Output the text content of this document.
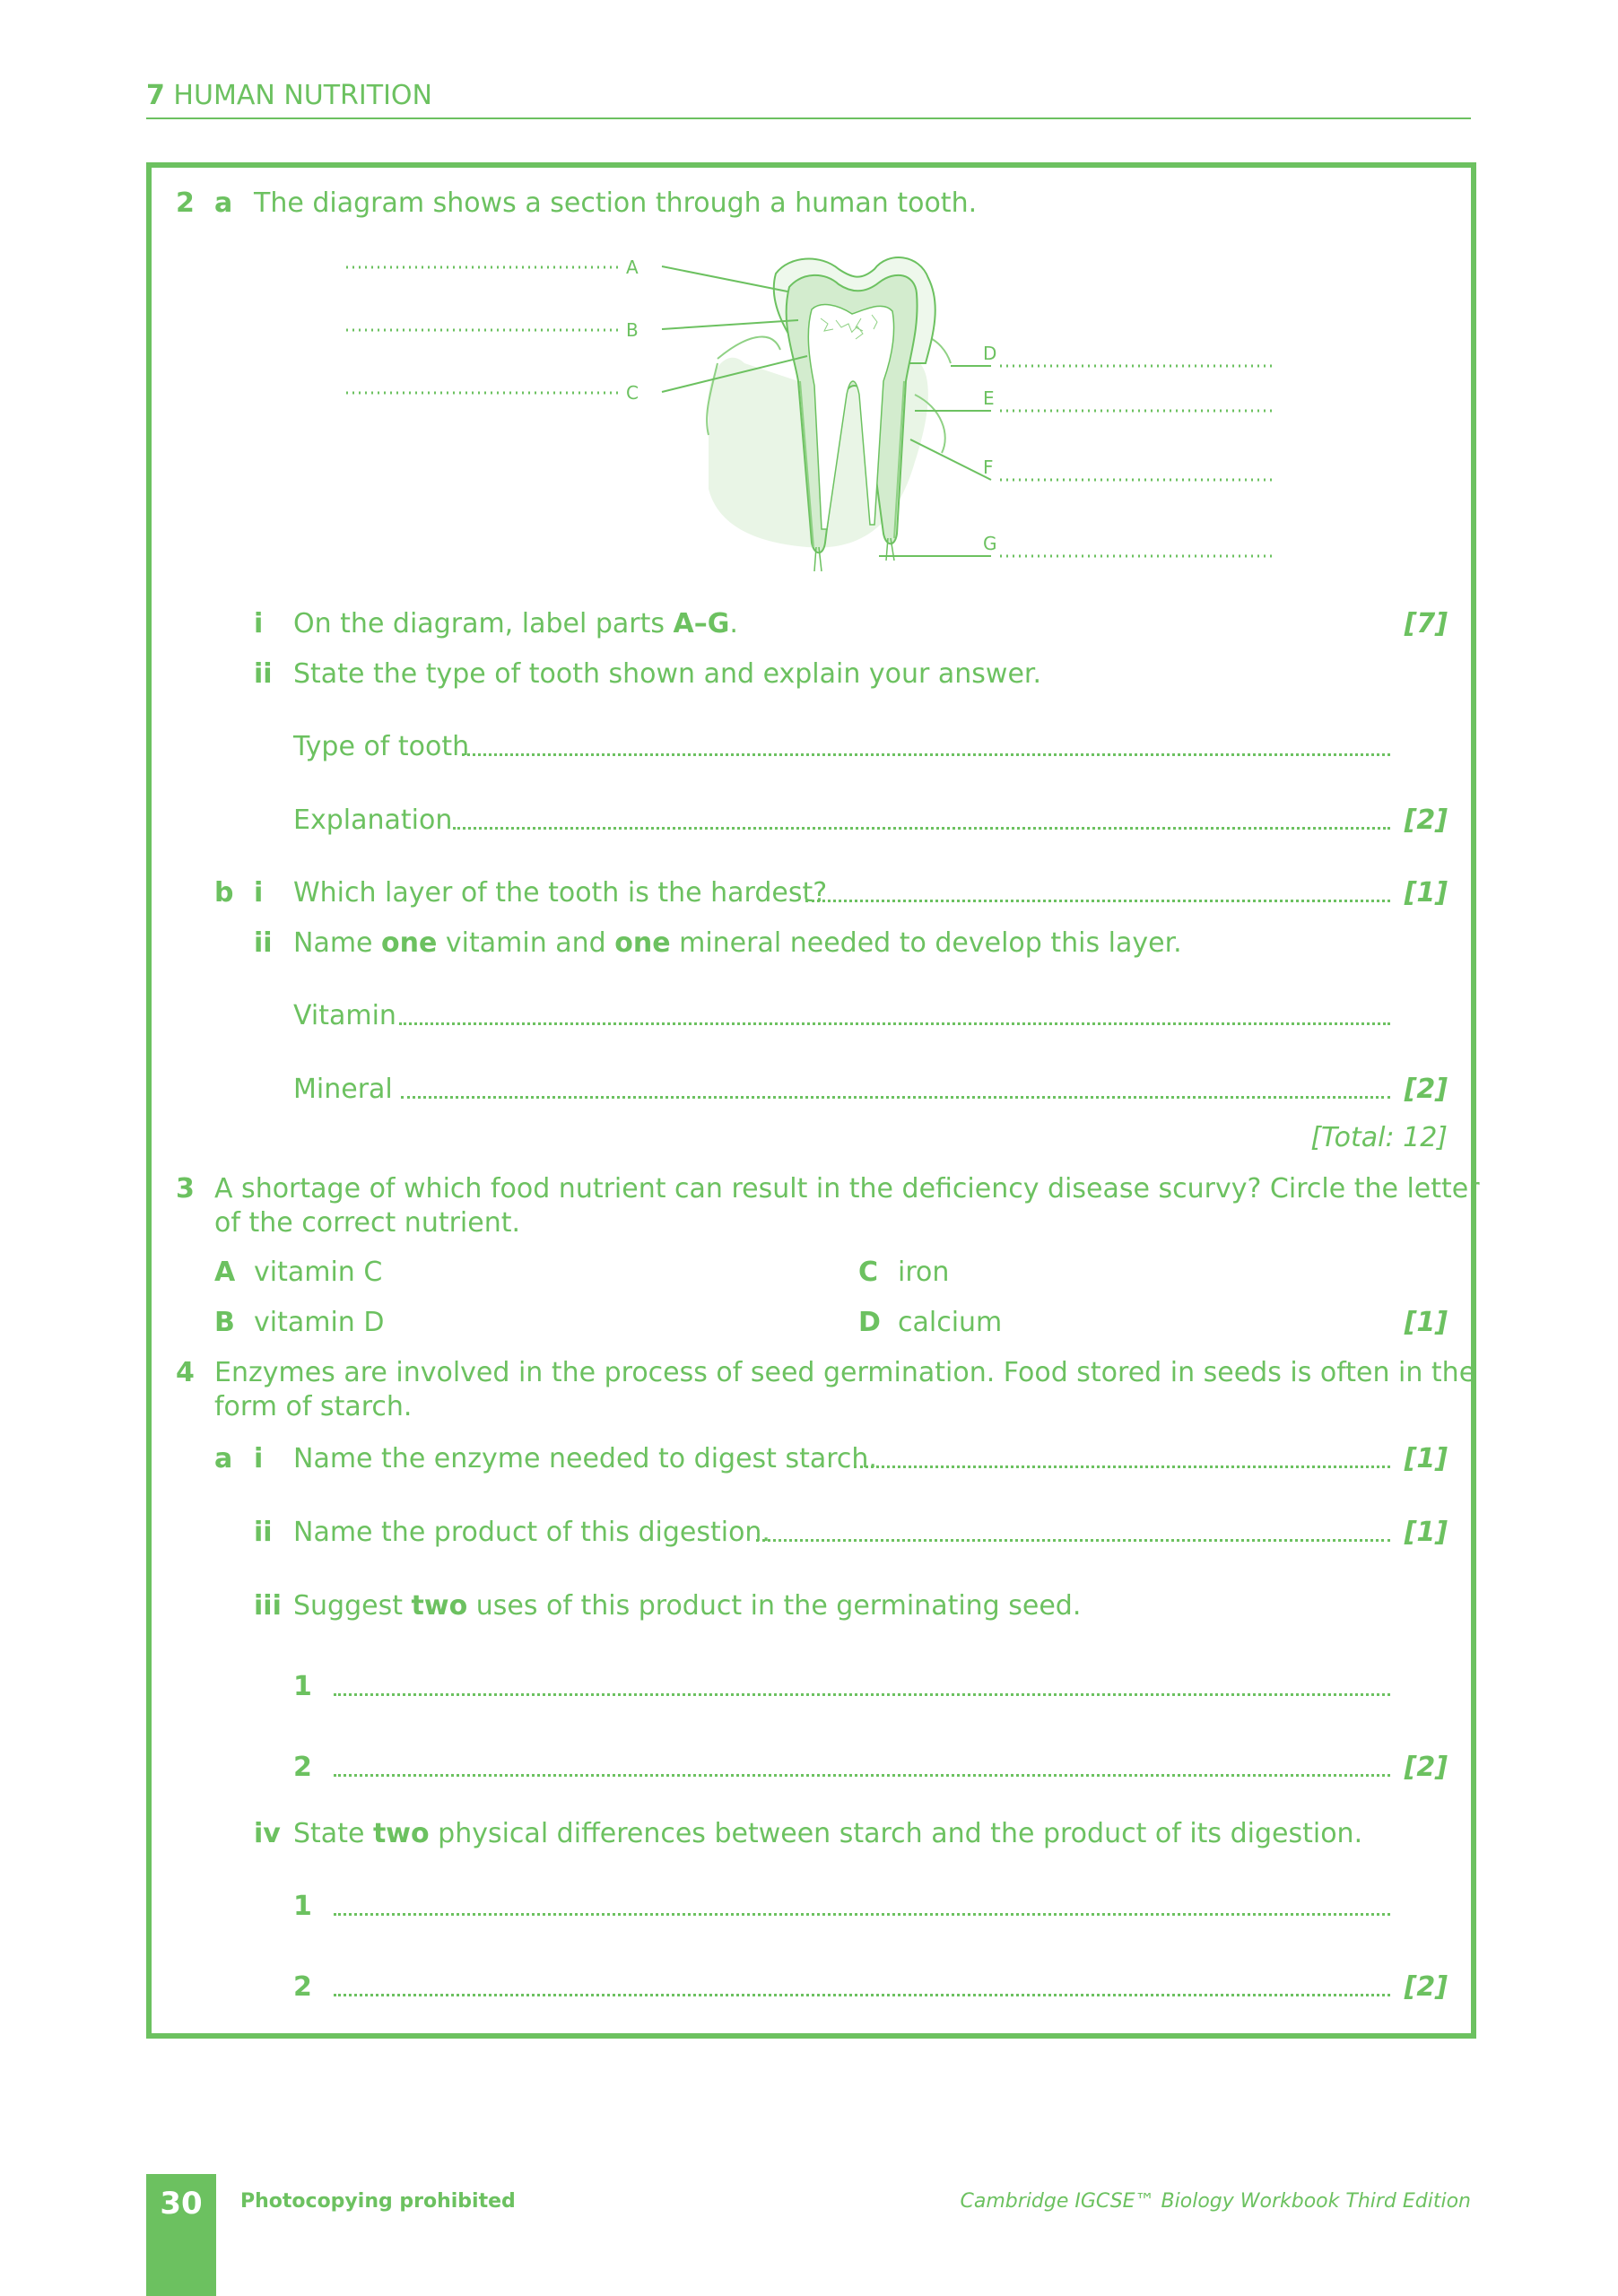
7 HUMAN NUTRITION
2 a The diagram shows a section through a human tooth.
A
B
C
D
E
F
G
i On the diagram, label parts A–G.	[7]
ii State the type of tooth shown and explain your answer.
Type of tooth
Explanation	[2]
b i Which layer of the tooth is the hardest?	[1]
ii Name one vitamin and one mineral needed to develop this layer.
Vitamin
Mineral	[2]
[Total: 12]
3 A shortage of which food nutrient can result in the deficiency disease scurvy? Circle the letter
of the correct nutrient.
A vitamin C
B vitamin D
C iron
D calcium	[1]
4 Enzymes are involved in the process of seed germination. Food stored in seeds is often in the
form of starch.
a i Name the enzyme needed to digest starch.	[1]
ii Name the product of this digestion.	[1]
iii Suggest two uses of this product in the germinating seed.
1
2	[2]
iv State two physical differences between starch and the product of its digestion.
1
2	[2]
30	Photocopying prohibited	Cambridge IGCSE™ Biology Workbook Third Edition
